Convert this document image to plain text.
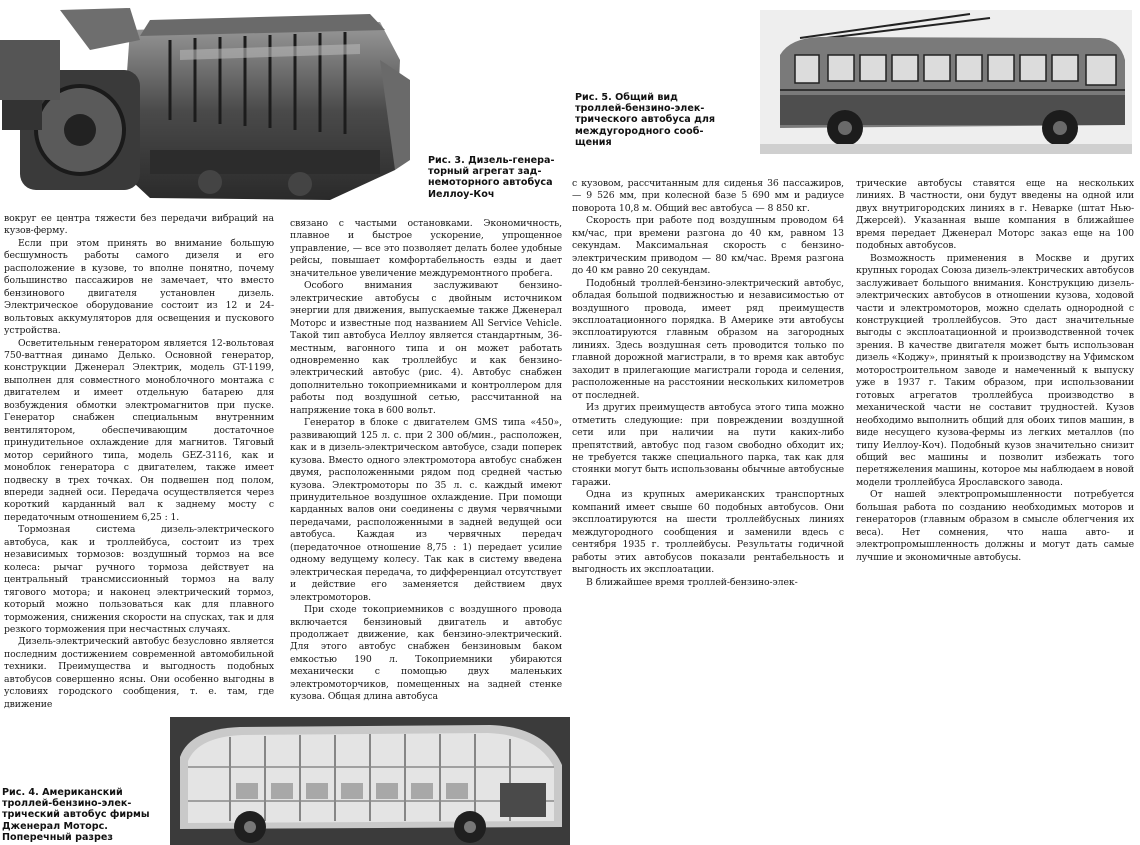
Рис. 3. Дизель-генераторный агрегат заднемоторного автобуса Иеллоу-Коч

Рис. 5. Общий вид троллей-бензино-электрического автобуса для междугородного сообщения

вокруг ее центра тяжести без передачи вибраций на кузов-ферму.

Если при этом принять во внимание большую бесшумность работы самого дизеля и его расположение в кузове, то вполне понятно, почему большинство пассажиров не замечает, что вместо бензинового двигателя установлен дизель. Электрическое оборудование состоит из 12 и 24-вольтовых аккумуляторов для освещения и пускового устройства.

Осветительным генератором является 12-вольтовая 750-ваттная динамо Делько. Основной генератор, конструкции Дженерал Электрик, модель GT-1199, выполнен для совместного моноблочного монтажа с двигателем и имеет отдельную батарею для возбуждения обмотки электромагнитов при пуске. Генератор снабжен специальным внутренним вентилятором, обеспечивающим достаточное принудительное охлаждение для магнитов. Тяговый мотор серийного типа, модель GEZ-3116, как и моноблок генератора с двигателем, также имеет подвеску в трех точках. Он подвешен под полом, впереди задней оси. Передача осуществляется через короткий карданный вал к заднему мосту с передаточным отношением 6,25 : 1.

Тормозная система дизель-электрического автобуса, как и троллейбуса, состоит из трех независимых тормозов: воздушный тормоз на все колеса: рычаг ручного тормоза действует на центральный трансмиссионный тормоз на валу тягового мотора; и наконец электрический тормоз, который можно пользоваться как для плавного торможения, снижения скорости на спусках, так и для резкого торможения при несчастных случаях.

Дизель-электрический автобус безусловно является последним достижением современной автомобильной техники. Преимущества и выгодность подобных автобусов совершенно ясны. Они особенно выгодны в условиях городского сообщения, т. е. там, где движение

связано с частыми остановками. Экономичность, плавное и быстрое ускорение, упрощенное управление, — все это позволяет делать более удобные рейсы, повышает комфортабельность езды и дает значительное увеличение междуремонтного пробега.

Особого внимания заслуживают бензино-электрические автобусы с двойным источником энергии для движения, выпускаемые также Дженерал Моторс и известные под названием All Service Vehicle. Такой тип автобуса Иеллоу является стандартным, 36-местным, вагонного типа и он может работать одновременно как троллейбус и как бензино-электрический автобус (рис. 4). Автобус снабжен дополнительно токоприемниками и контроллером для работы под воздушной сетью, рассчитанной на напряжение тока в 600 вольт.

Генератор в блоке с двигателем GMS типа «450», развивающий 125 л. с. при 2 300 об/мин., расположен, как и в дизель-электрическом автобусе, сзади поперек кузова. Вместо одного электромотора автобус снабжен двумя, расположенными рядом под средней частью кузова. Электромоторы по 35 л. с. каждый имеют принудительное воздушное охлаждение. При помощи карданных валов они соединены с двумя червячными передачами, расположенными в задней ведущей оси автобуса. Каждая из червячных передач (передаточное отношение 8,75 : 1) передает усилие одному ведущему колесу. Так как в систему введена электрическая передача, то дифференциал отсутствует и действие его заменяется действием двух электромоторов.

При сходе токоприемников с воздушного провода включается бензиновый двигатель и автобус продолжает движение, как бензино-электрический. Для этого автобус снабжен бензиновым баком емкостью 190 л. Токоприемники убираются механически с помощью двух маленьких электромоторчиков, помещенных на задней стенке кузова. Общая длина автобуса

с кузовом, рассчитанным для сиденья 36 пассажиров, — 9 526 мм, при колесной базе 5 690 мм и радиусе поворота 10,8 м. Общий вес автобуса — 8 850 кг.

Скорость при работе под воздушным проводом 64 км/час, при времени разгона до 40 км, равном 13 секундам. Максимальная скорость с бензино-электрическим приводом — 80 км/час. Время разгона до 40 км равно 20 секундам.

Подобный троллей-бензино-электрический автобус, обладая большой подвижностью и независимостью от воздушного провода, имеет ряд преимуществ эксплоатационного порядка. В Америке эти автобусы эксплоатируются главным образом на загородных линиях. Здесь воздушная сеть проводится только по главной дорожной магистрали, в то время как автобус заходит в прилегающие магистрали города и селения, расположенные на расстоянии нескольких километров от последней.

Из других преимуществ автобуса этого типа можно отметить следующие: при повреждении воздушной сети или при наличии на пути каких-либо препятствий, автобус под газом свободно обходит их; не требуется также специального парка, так как для стоянки могут быть использованы обычные автобусные гаражи.

Одна из крупных американских транспортных компаний имеет свыше 60 подобных автобусов. Они эксплоатируются на шести троллейбусных линиях междугородного сообщения и заменили вдесь с сентября 1935 г. троллейбусы. Результаты годичной работы этих автобусов показали рентабельность и выгодность их эксплоатации.

В ближайшее время троллей-бензино-элек-

трические автобусы ставятся еще на нескольких линиях. В частности, они будут введены на одной или двух внутригородских линиях в г. Неварке (штат Нью-Джерсей). Указанная выше компания в ближайшее время передает Дженерал Моторс заказ еще на 100 подобных автобусов.

Возможность применения в Москве и других крупных городах Союза дизель-электрических автобусов заслуживает большого внимания. Конструкцию дизель-электрических автобусов в отношении кузова, ходовой части и электромоторов, можно сделать однородной с конструкцией троллейбусов. Это даст значительные выгоды с эксплоатационной и производственной точек зрения. В качестве двигателя может быть использован дизель «Коджу», принятый к производству на Уфимском моторостроительном заводе и намеченный к выпуску уже в 1937 г. Таким образом, при использовании готовых агрегатов троллейбуса производство в механической части не составит трудностей. Кузов необходимо выполнить общий для обоих типов машин, в виде несущего кузова-фермы из легких металлов (по типу Иеллоу-Коч). Подобный кузов значительно снизит общий вес машины и позволит избежать того перетяжеления машины, которое мы наблюдаем в новой модели троллейбуса Ярославского завода.

От нашей электропромышленности потребуется большая работа по созданию необходимых моторов и генераторов (главным образом в смысле облегчения их веса). Нет сомнения, что наша авто- и электропромышленность должны и могут дать самые лучшие и экономичные автобусы.

Рис. 4. Американский троллей-бензино-электрический автобус фирмы Дженерал Моторс. Поперечный разрез
